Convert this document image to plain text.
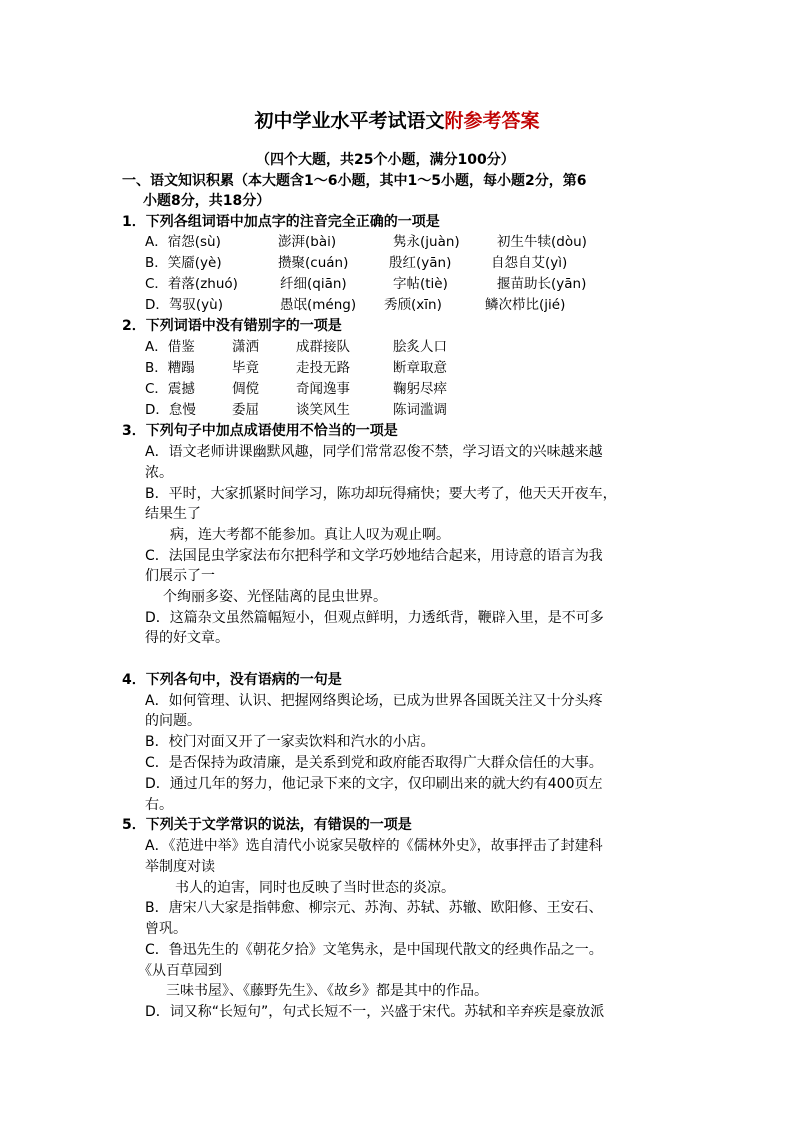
初中学业水平考试语文附参考答案
（四个大题，共25个小题，满分100分）
一、语文知识积累（本大题含1～6小题，其中1～5小题，每小题2分，第6
小题8分，共18分）
1．下列各组词语中加点字的注音完全正确的一项是
A．宿怨(sù)	澎湃(bài)	隽永(juàn)	初生牛犊(dòu)
B．笑靥(yè)	攒聚(cuán)	殷红(yān)	自怨自艾(yì)
C．着落(zhuó)	纤细(qiān)	字帖(tiè)	揠苗助长(yān)
D．驾驭(yù)	愚氓(méng) 秀颀(xīn)	鳞次栉比(jié)
2．下列词语中没有错别字的一项是
A．借鉴	潇洒	成群接队	脍炙人口
B．糟蹋	毕竟	走投无路	断章取意
C．震撼	倜傥	奇闻逸事	鞠躬尽瘁
D．怠慢	委屈	谈笑风生	陈词滥调
3．下列句子中加点成语使用不恰当的一项是
A．语文老师讲课幽默风趣，同学们常常忍俊不禁，学习语文的兴味越来越
浓。
B．平时，大家抓紧时间学习，陈功却玩得痛快；要大考了，他天天开夜车，
结果生了
病，连大考都不能参加。真让人叹为观止啊。
C．法国昆虫学家法布尔把科学和文学巧妙地结合起来，用诗意的语言为我
们展示了一
个绚丽多姿、光怪陆离的昆虫世界。
D．这篇杂文虽然篇幅短小，但观点鲜明，力透纸背，鞭辟入里，是不可多
得的好文章。
4．下列各句中，没有语病的一句是
A．如何管理、认识、把握网络舆论场，已成为世界各国既关注又十分头疼
的问题。
B．校门对面又开了一家卖饮料和汽水的小店。
C．是否保持为政清廉，是关系到党和政府能否取得广大群众信任的大事。
D．通过几年的努力，他记录下来的文字，仅印刷出来的就大约有400页左
右。
5．下列关于文学常识的说法，有错误的一项是
A．《范进中举》选自清代小说家吴敬梓的《儒林外史》，故事抨击了封建科
举制度对读
书人的迫害，同时也反映了当时世态的炎凉。
B．唐宋八大家是指韩愈、柳宗元、苏洵、苏轼、苏辙、欧阳修、王安石、
曾巩。
C．鲁迅先生的《朝花夕拾》文笔隽永，是中国现代散文的经典作品之一。
《从百草园到
三味书屋》、《藤野先生》、《故乡》都是其中的作品。
D．词又称“长短句”，句式长短不一，兴盛于宋代。苏轼和辛弃疾是豪放派
